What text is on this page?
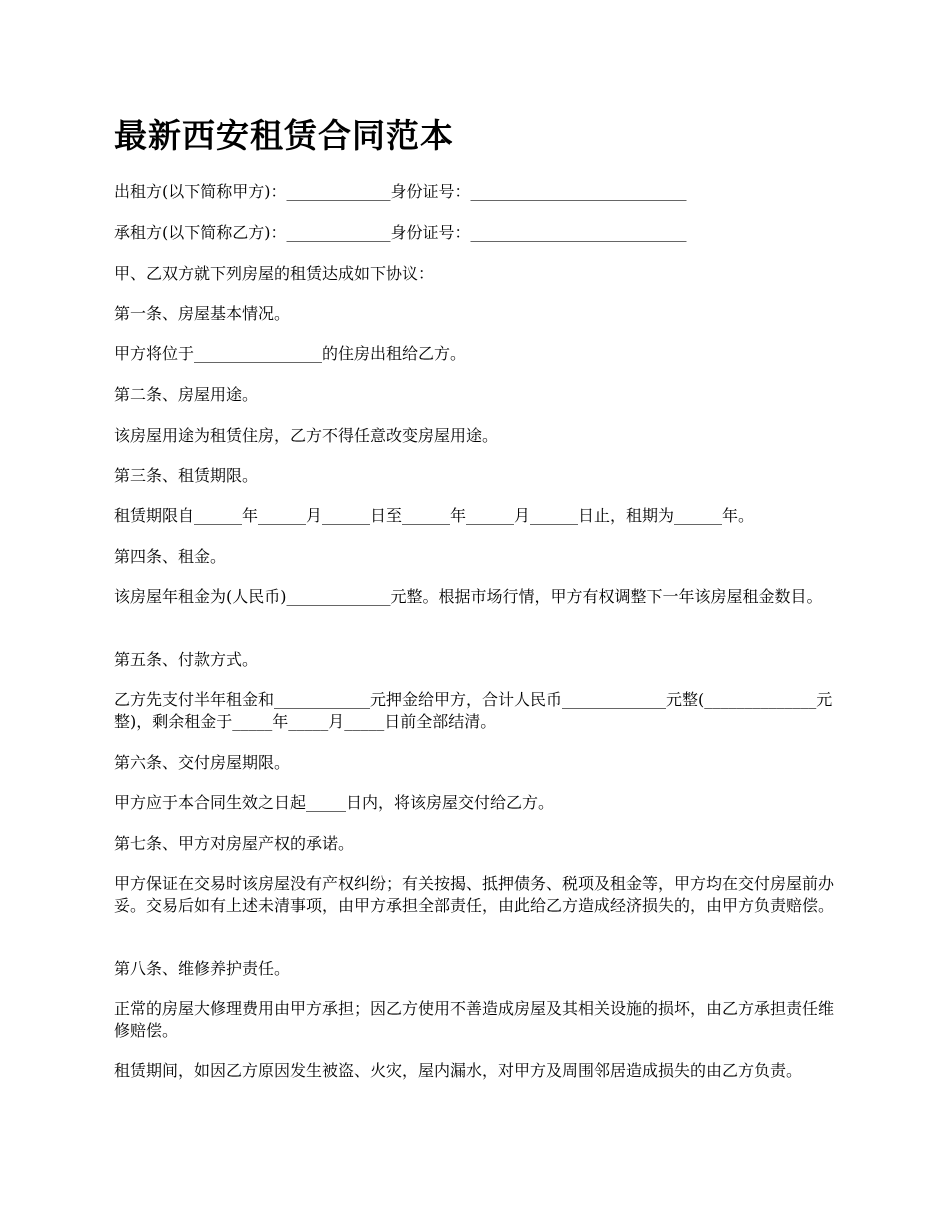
最新西安租赁合同范本

出租方(以下简称甲方)：_____________身份证号：___________________________

承租方(以下简称乙方)：_____________身份证号：___________________________

甲、乙双方就下列房屋的租赁达成如下协议：

第一条、房屋基本情况。

甲方将位于________________的住房出租给乙方。

第二条、房屋用途。

该房屋用途为租赁住房，乙方不得任意改变房屋用途。

第三条、租赁期限。

租赁期限自______年______月______日至______年______月______日止，租期为______年。

第四条、租金。

该房屋年租金为(人民币)_____________元整。根据市场行情，甲方有权调整下一年该房屋租金数目。

第五条、付款方式。

乙方先支付半年租金和____________元押金给甲方，合计人民币_____________元整(______________元整)，剩余租金于_____年_____月_____日前全部结清。

第六条、交付房屋期限。

甲方应于本合同生效之日起_____日内，将该房屋交付给乙方。

第七条、甲方对房屋产权的承诺。

甲方保证在交易时该房屋没有产权纠纷；有关按揭、抵押债务、税项及租金等，甲方均在交付房屋前办妥。交易后如有上述未清事项，由甲方承担全部责任，由此给乙方造成经济损失的，由甲方负责赔偿。

第八条、维修养护责任。

正常的房屋大修理费用由甲方承担；因乙方使用不善造成房屋及其相关设施的损坏，由乙方承担责任维修赔偿。

租赁期间，如因乙方原因发生被盗、火灾，屋内漏水，对甲方及周围邻居造成损失的由乙方负责。
